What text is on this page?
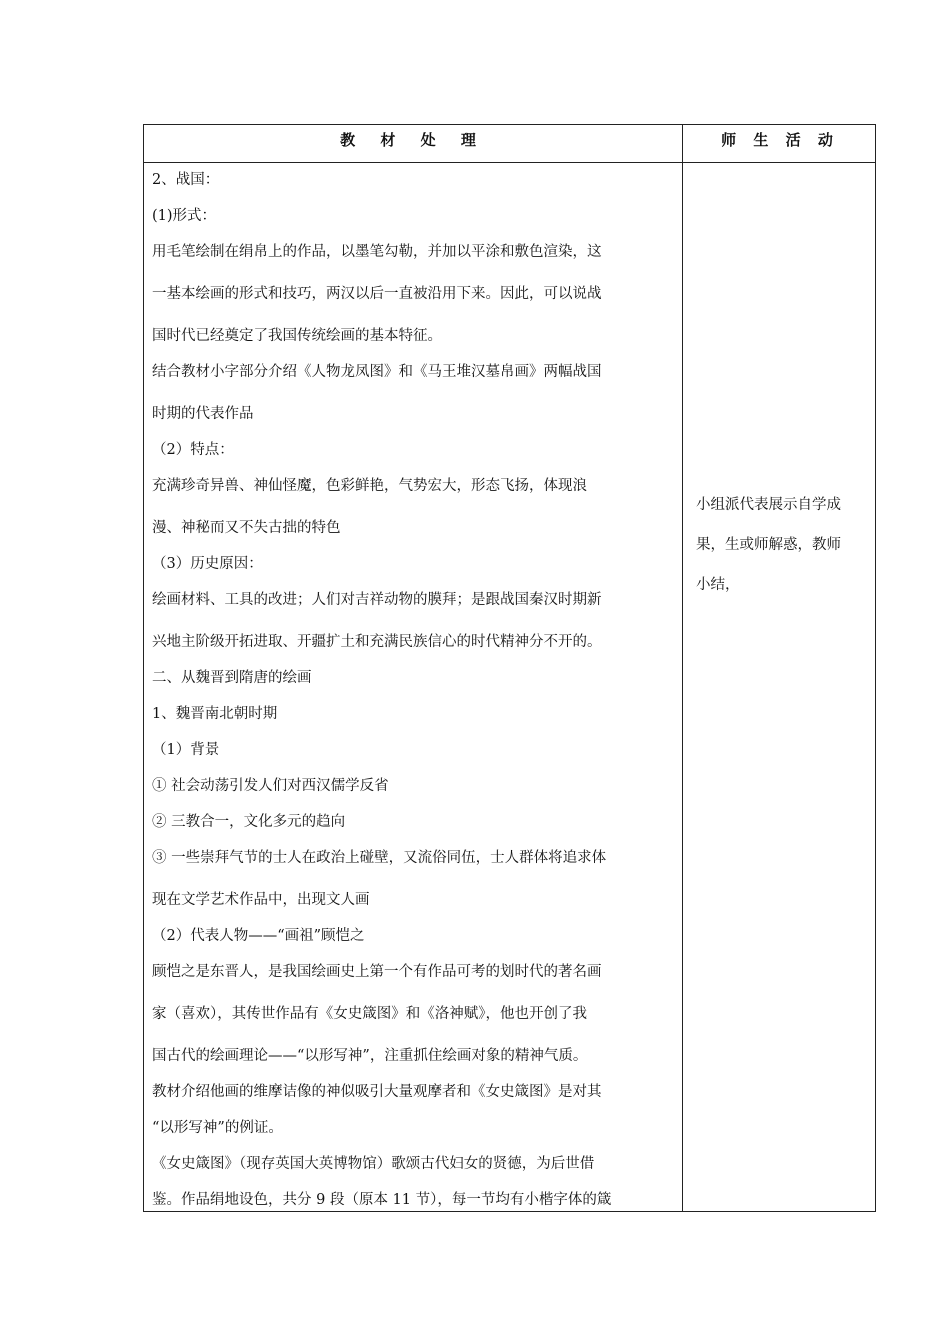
教 材 处 理	师 生 活 动
2、战国：
(1)形式：
用毛笔绘制在绢帛上的作品，以墨笔勾勒，并加以平涂和敷色渲染，这
一基本绘画的形式和技巧，两汉以后一直被沿用下来。因此，可以说战
国时代已经奠定了我国传统绘画的基本特征。
结合教材小字部分介绍《人物龙凤图》和《马王堆汉墓帛画》两幅战国
时期的代表作品
（2）特点：
充满珍奇异兽、神仙怪魔，色彩鲜艳，气势宏大，形态飞扬，体现浪
漫、神秘而又不失古拙的特色
（3）历史原因：
绘画材料、工具的改进；人们对吉祥动物的膜拜；是跟战国秦汉时期新
兴地主阶级开拓进取、开疆扩土和充满民族信心的时代精神分不开的。
二、从魏晋到隋唐的绘画
1、魏晋南北朝时期
（1）背景
① 社会动荡引发人们对西汉儒学反省
② 三教合一，文化多元的趋向
③ 一些崇拜气节的士人在政治上碰壁，又流俗同伍，士人群体将追求体
现在文学艺术作品中，出现文人画
（2）代表人物——“画祖”顾恺之
顾恺之是东晋人，是我国绘画史上第一个有作品可考的划时代的著名画
家（喜欢），其传世作品有《女史箴图》和《洛神赋》，他也开创了我
国古代的绘画理论——“以形写神”，注重抓住绘画对象的精神气质。
教材介绍他画的维摩诘像的神似吸引大量观摩者和《女史箴图》是对其
“以形写神”的例证。
《女史箴图》（现存英国大英博物馆）歌颂古代妇女的贤德，为后世借
鉴。作品绢地设色，共分 9 段（原本 11 节），每一节均有小楷字体的箴
小组派代表展示自学成
果，生或师解惑，教师
小结，
